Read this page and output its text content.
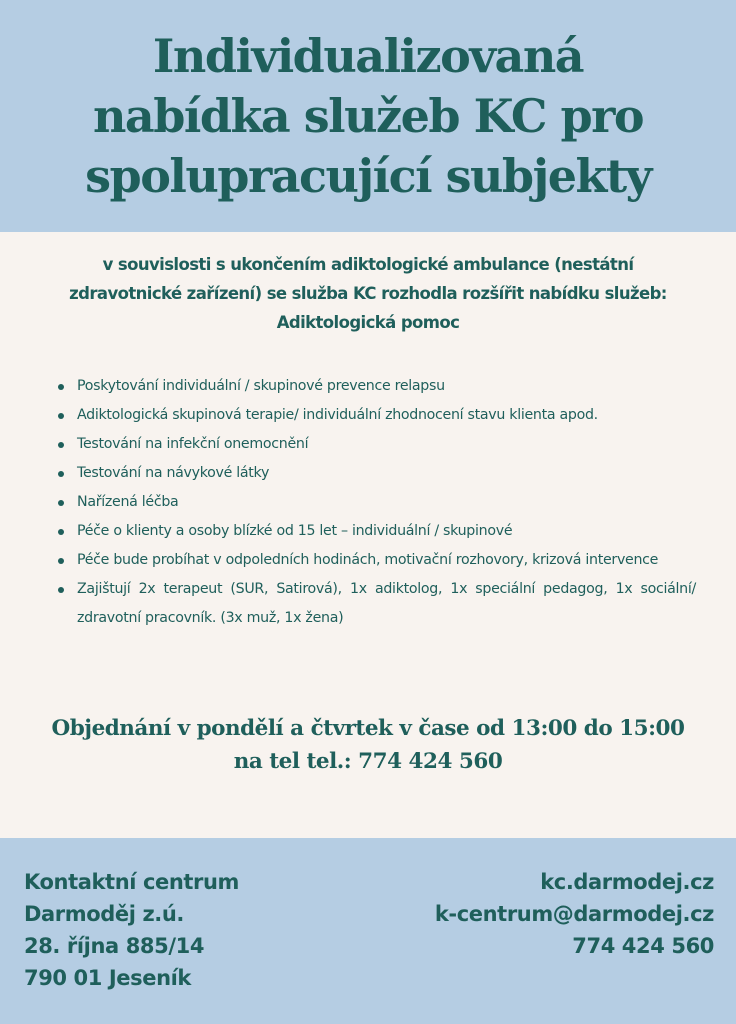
Individualizovaná
nabídka služeb KC pro
spolupracující subjekty
v souvislosti s ukončením adiktologické ambulance (nestátní
zdravotnické zařízení) se služba KC rozhodla rozšířit nabídku služeb:
Adiktologická pomoc
Poskytování individuální / skupinové prevence relapsu
Adiktologická skupinová terapie/ individuální zhodnocení stavu klienta apod.
Testování na infekční onemocnění
Testování na návykové látky
Nařízená léčba
Péče o klienty a osoby blízké od 15 let – individuální / skupinové
Péče bude probíhat v odpoledních hodinách, motivační rozhovory, krizová intervence
Zajištují 2x terapeut (SUR, Satirová), 1x adiktolog, 1x speciální pedagog, 1x sociální/ zdravotní pracovník. (3x muž, 1x žena)
Objednání v pondělí a čtvrtek v čase od 13:00 do 15:00
na tel tel.: 774 424 560
Kontaktní centrum
Darmoděj z.ú.
28. října 885/14
790 01 Jeseník
kc.darmodej.cz
k-centrum@darmodej.cz
774 424 560
